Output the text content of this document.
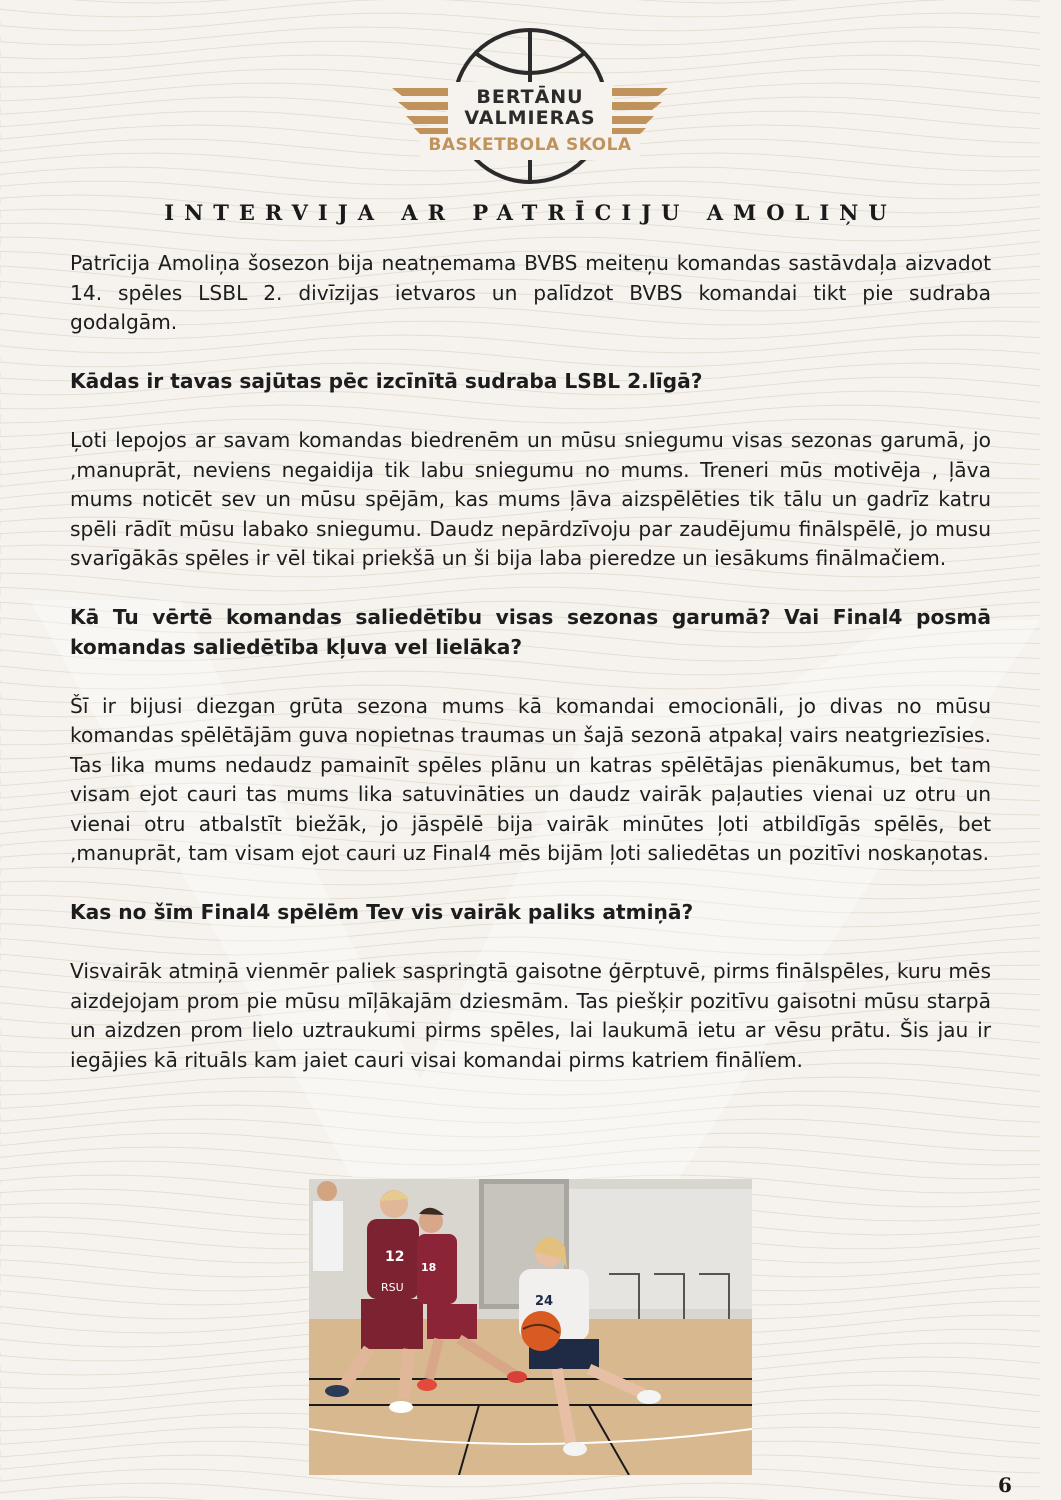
BERTĀNU
VALMIERAS
BASKETBOLA SKOLA
INTERVIJA AR PATRĪCIJU AMOLIŅU

Patrīcija Amoliņa šosezon bija neatņemama BVBS meiteņu komandas sastāvdaļa aizvadot 14. spēles LSBL 2. divīzijas ietvaros un palīdzot BVBS komandai tikt pie sudraba godalgām.

Kādas ir tavas sajūtas pēc izcīnītā sudraba LSBL 2.līgā?

Ļoti lepojos ar savam komandas biedrenēm un mūsu sniegumu visas sezonas garumā, jo ,manuprāt, neviens negaidija tik labu sniegumu no mums. Treneri mūs motivēja , ļāva mums noticēt sev un mūsu spējām, kas mums ļāva aizspēlēties tik tālu un gadrīz katru spēli rādīt mūsu labako sniegumu. Daudz nepārdzīvoju par zaudējumu finālspēlē, jo musu svarīgākās spēles ir vēl tikai priekšā un ši bija laba pieredze un iesākums finālmačiem.

Kā Tu vērtē komandas saliedētību visas sezonas garumā? Vai Final4 posmā komandas saliedētība kļuva vel lielāka?

Šī ir bijusi diezgan grūta sezona mums kā komandai emocionāli, jo divas no mūsu komandas spēlētājām guva nopietnas traumas un šajā sezonā atpakaļ vairs neatgriezīsies. Tas lika mums nedaudz pamainīt spēles plānu un katras spēlētājas pienākumus, bet tam visam ejot cauri tas mums lika satuvināties un daudz vairāk paļauties vienai uz otru un vienai otru atbalstīt biežāk, jo jāspēlē bija vairāk minūtes ļoti atbildīgās spēlēs, bet ,manuprāt, tam visam ejot cauri uz Final4 mēs bijām ļoti saliedētas un pozitīvi noskaņotas.

Kas no šīm Final4 spēlēm Tev vis vairāk paliks atmiņā?

Visvairāk atmiņā vienmēr paliek saspringtā gaisotne ģērptuvē, pirms finālspēles, kuru mēs aizdejojam prom pie mūsu mīļākajām dziesmām. Tas piešķir pozitīvu gaisotni mūsu starpā un aizdzen prom lielo uztraukumi pirms spēles, lai laukumā ietu ar vēsu prātu. Šis jau ir iegājies kā rituāls kam jaiet cauri visai komandai pirms katriem finālïem.

12
RSU
18
24
6
